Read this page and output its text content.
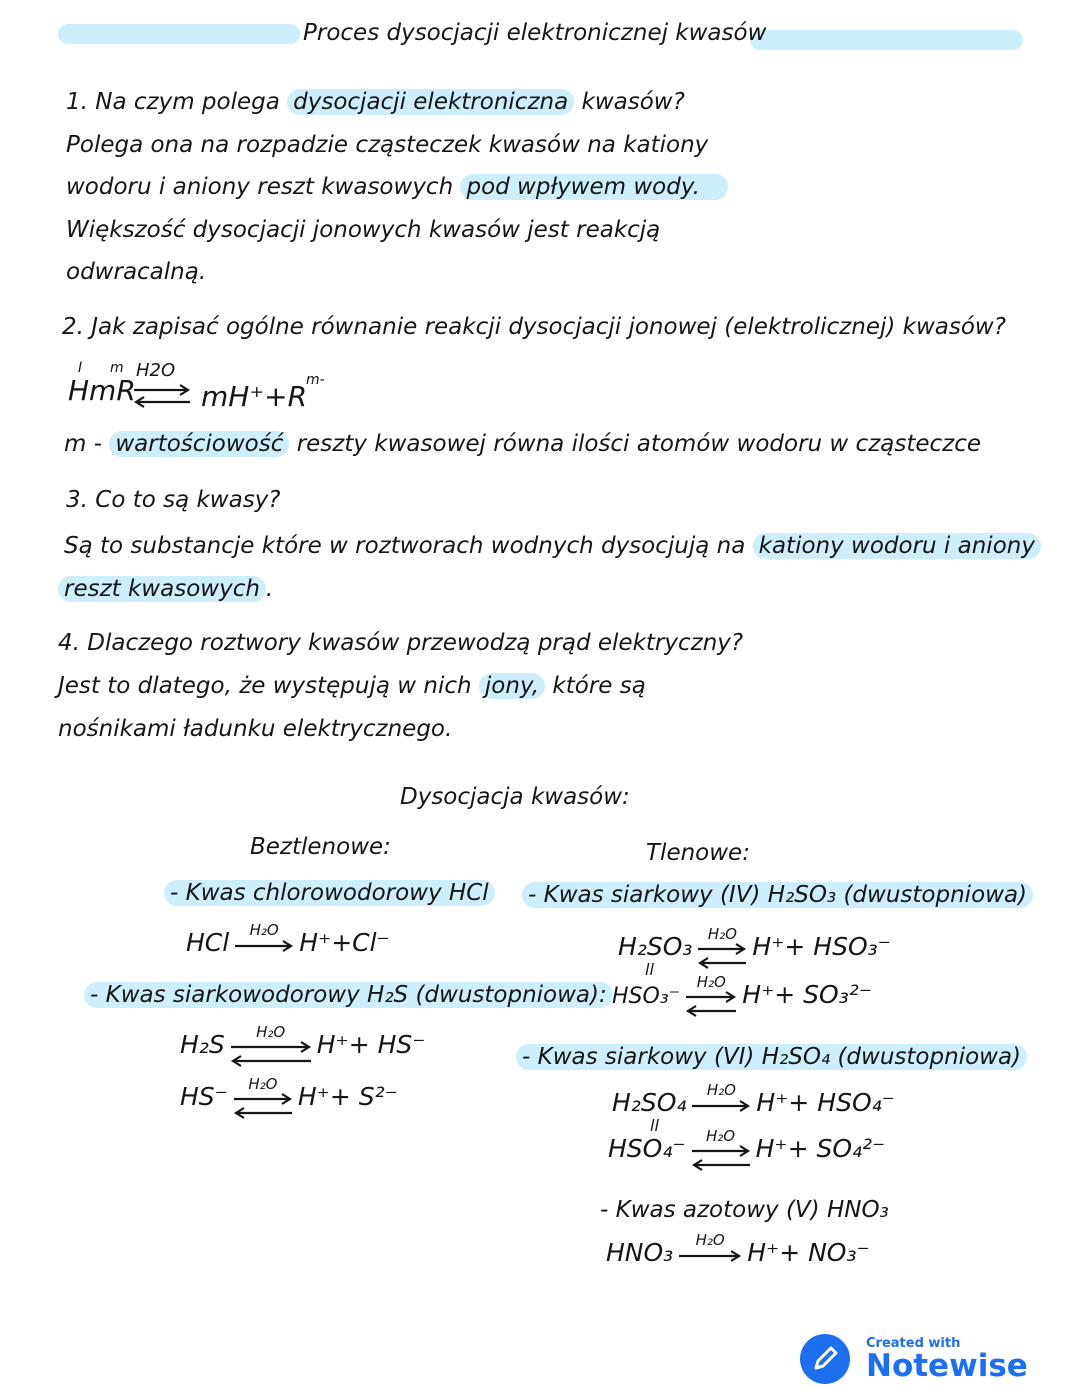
Proces dysocjacji elektronicznej kwasów
1. Na czym polega dysocjacji elektroniczna kwasów?
Polega ona na rozpadzie cząsteczek kwasów na kationy
wodoru i aniony reszt kwasowych pod wpływem wody.
Większość dysocjacji jonowych kwasów jest reakcją
odwracalną.
2. Jak zapisać ogólne równanie reakcji dysocjacji jonowej (elektrolicznej) kwasów?
I m
HmR
H2O
⇌ mH⁺+R
m-
m - wartościowość reszty kwasowej równa ilości atomów wodoru w cząsteczce
3. Co to są kwasy?
Są to substancje które w roztworach wodnych dysocjują na kationy wodoru i aniony
reszt kwasowych .
4. Dlaczego roztwory kwasów przewodzą prąd elektryczny?
Jest to dlatego, że występują w nich jony, które są
nośnikami ładunku elektrycznego.
Dysocjacja kwasów:
Beztlenowe:	Tlenowe:
- Kwas chlorowodorowy HCl
HCl	H₂O H⁺+Cl⁻
- Kwas siarkowodorowy H₂S (dwustopniowa):
H₂S	H₂O	H⁺+ HS⁻
HS⁻	H₂O H⁺+ S²⁻
- Kwas siarkowy (IV) H₂SO₃ (dwustopniowa)
H₂SO₃	H₂O H⁺+ HSO₃⁻
ll
HSO₃⁻
H₂O H⁺+ SO₃²⁻
- Kwas siarkowy (VI) H₂SO₄ (dwustopniowa)
H₂SO₄	H₂O H⁺+ HSO₄⁻
ll
HSO₄⁻	H₂O H⁺+ SO₄²⁻
- Kwas azotowy (V) HNO₃
HNO₃	H₂O H⁺+ NO₃⁻
Created with
Notewise
